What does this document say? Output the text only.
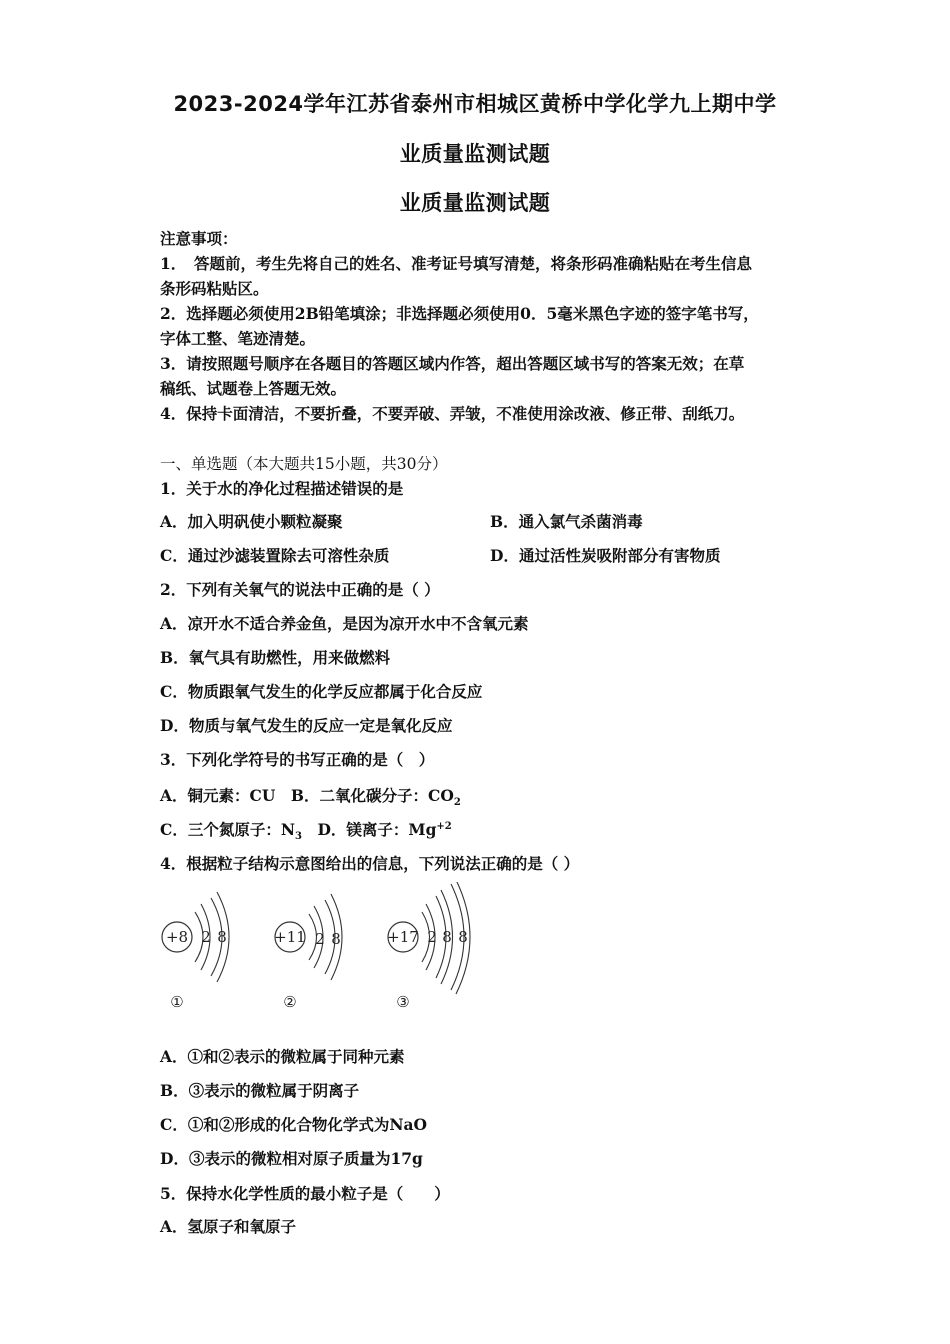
2023-2024学年江苏省泰州市相城区黄桥中学化学九上期中学
业质量监测试题
业质量监测试题
注意事项：
1．　答题前，考生先将自己的姓名、准考证号填写清楚，将条形码准确粘贴在考生信息
条形码粘贴区。
2．选择题必须使用2B铅笔填涂；非选择题必须使用0．5毫米黑色字迹的签字笔书写，
字体工整、笔迹清楚。
3．请按照题号顺序在各题目的答题区域内作答，超出答题区域书写的答案无效；在草
稿纸、试题卷上答题无效。
4．保持卡面清洁，不要折叠，不要弄破、弄皱，不准使用涂改液、修正带、刮纸刀。
一、单选题（本大题共15小题，共30分）
1．关于水的净化过程描述错误的是
A．加入明矾使小颗粒凝聚	B．通入氯气杀菌消毒
C．通过沙滤装置除去可溶性杂质	D．通过活性炭吸附部分有害物质
2．下列有关氧气的说法中正确的是（ ）
A．凉开水不适合养金鱼，是因为凉开水中不含氧元素
B．氧气具有助燃性，用来做燃料
C．物质跟氧气发生的化学反应都属于化合反应
D．物质与氧气发生的反应一定是氧化反应
3．下列化学符号的书写正确的是（　）
A．铜元素：CU　B．二氧化碳分子：$CO_2$
C．三个氮原子：$N_3$　D．镁离子：$Mg^{+2}$
4．根据粒子结构示意图给出的信息，下列说法正确的是（ ）
+8 2 8
①
+11 2 8
②
+17 2 8 8
③
A．①和②表示的微粒属于同种元素
B．③表示的微粒属于阴离子
C．①和②形成的化合物化学式为NaO
D．③表示的微粒相对原子质量为17g
5．保持水化学性质的最小粒子是（　　）
A．氢原子和氧原子
